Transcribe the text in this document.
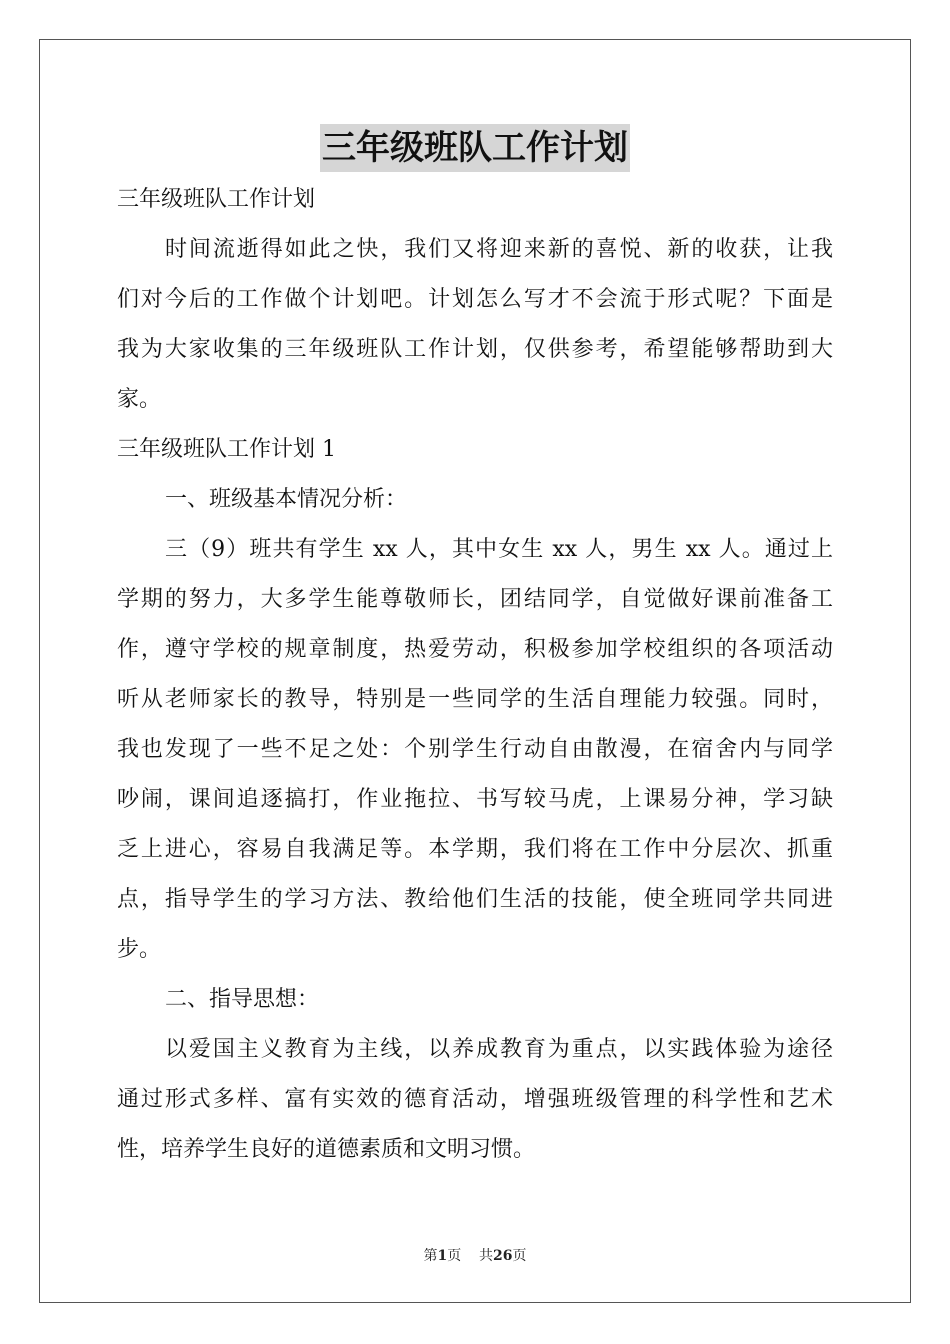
三年级班队工作计划
三年级班队工作计划
时间流逝得如此之快，我们又将迎来新的喜悦、新的收获，让我
们对今后的工作做个计划吧。计划怎么写才不会流于形式呢？下面是
我为大家收集的三年级班队工作计划，仅供参考，希望能够帮助到大
家。
三年级班队工作计划 1
一、班级基本情况分析：
三（9）班共有学生 xx 人，其中女生 xx 人，男生 xx 人。通过上
学期的努力，大多学生能尊敬师长，团结同学，自觉做好课前准备工
作，遵守学校的规章制度，热爱劳动，积极参加学校组织的各项活动
听从老师家长的教导，特别是一些同学的生活自理能力较强。同时，
我也发现了一些不足之处：个别学生行动自由散漫，在宿舍内与同学
吵闹，课间追逐搞打，作业拖拉、书写较马虎，上课易分神，学习缺
乏上进心，容易自我满足等。本学期，我们将在工作中分层次、抓重
点，指导学生的学习方法、教给他们生活的技能，使全班同学共同进
步。
二、指导思想：
以爱国主义教育为主线，以养成教育为重点，以实践体验为途径
通过形式多样、富有实效的德育活动，增强班级管理的科学性和艺术
性，培养学生良好的道德素质和文明习惯。
第1页 共26页
